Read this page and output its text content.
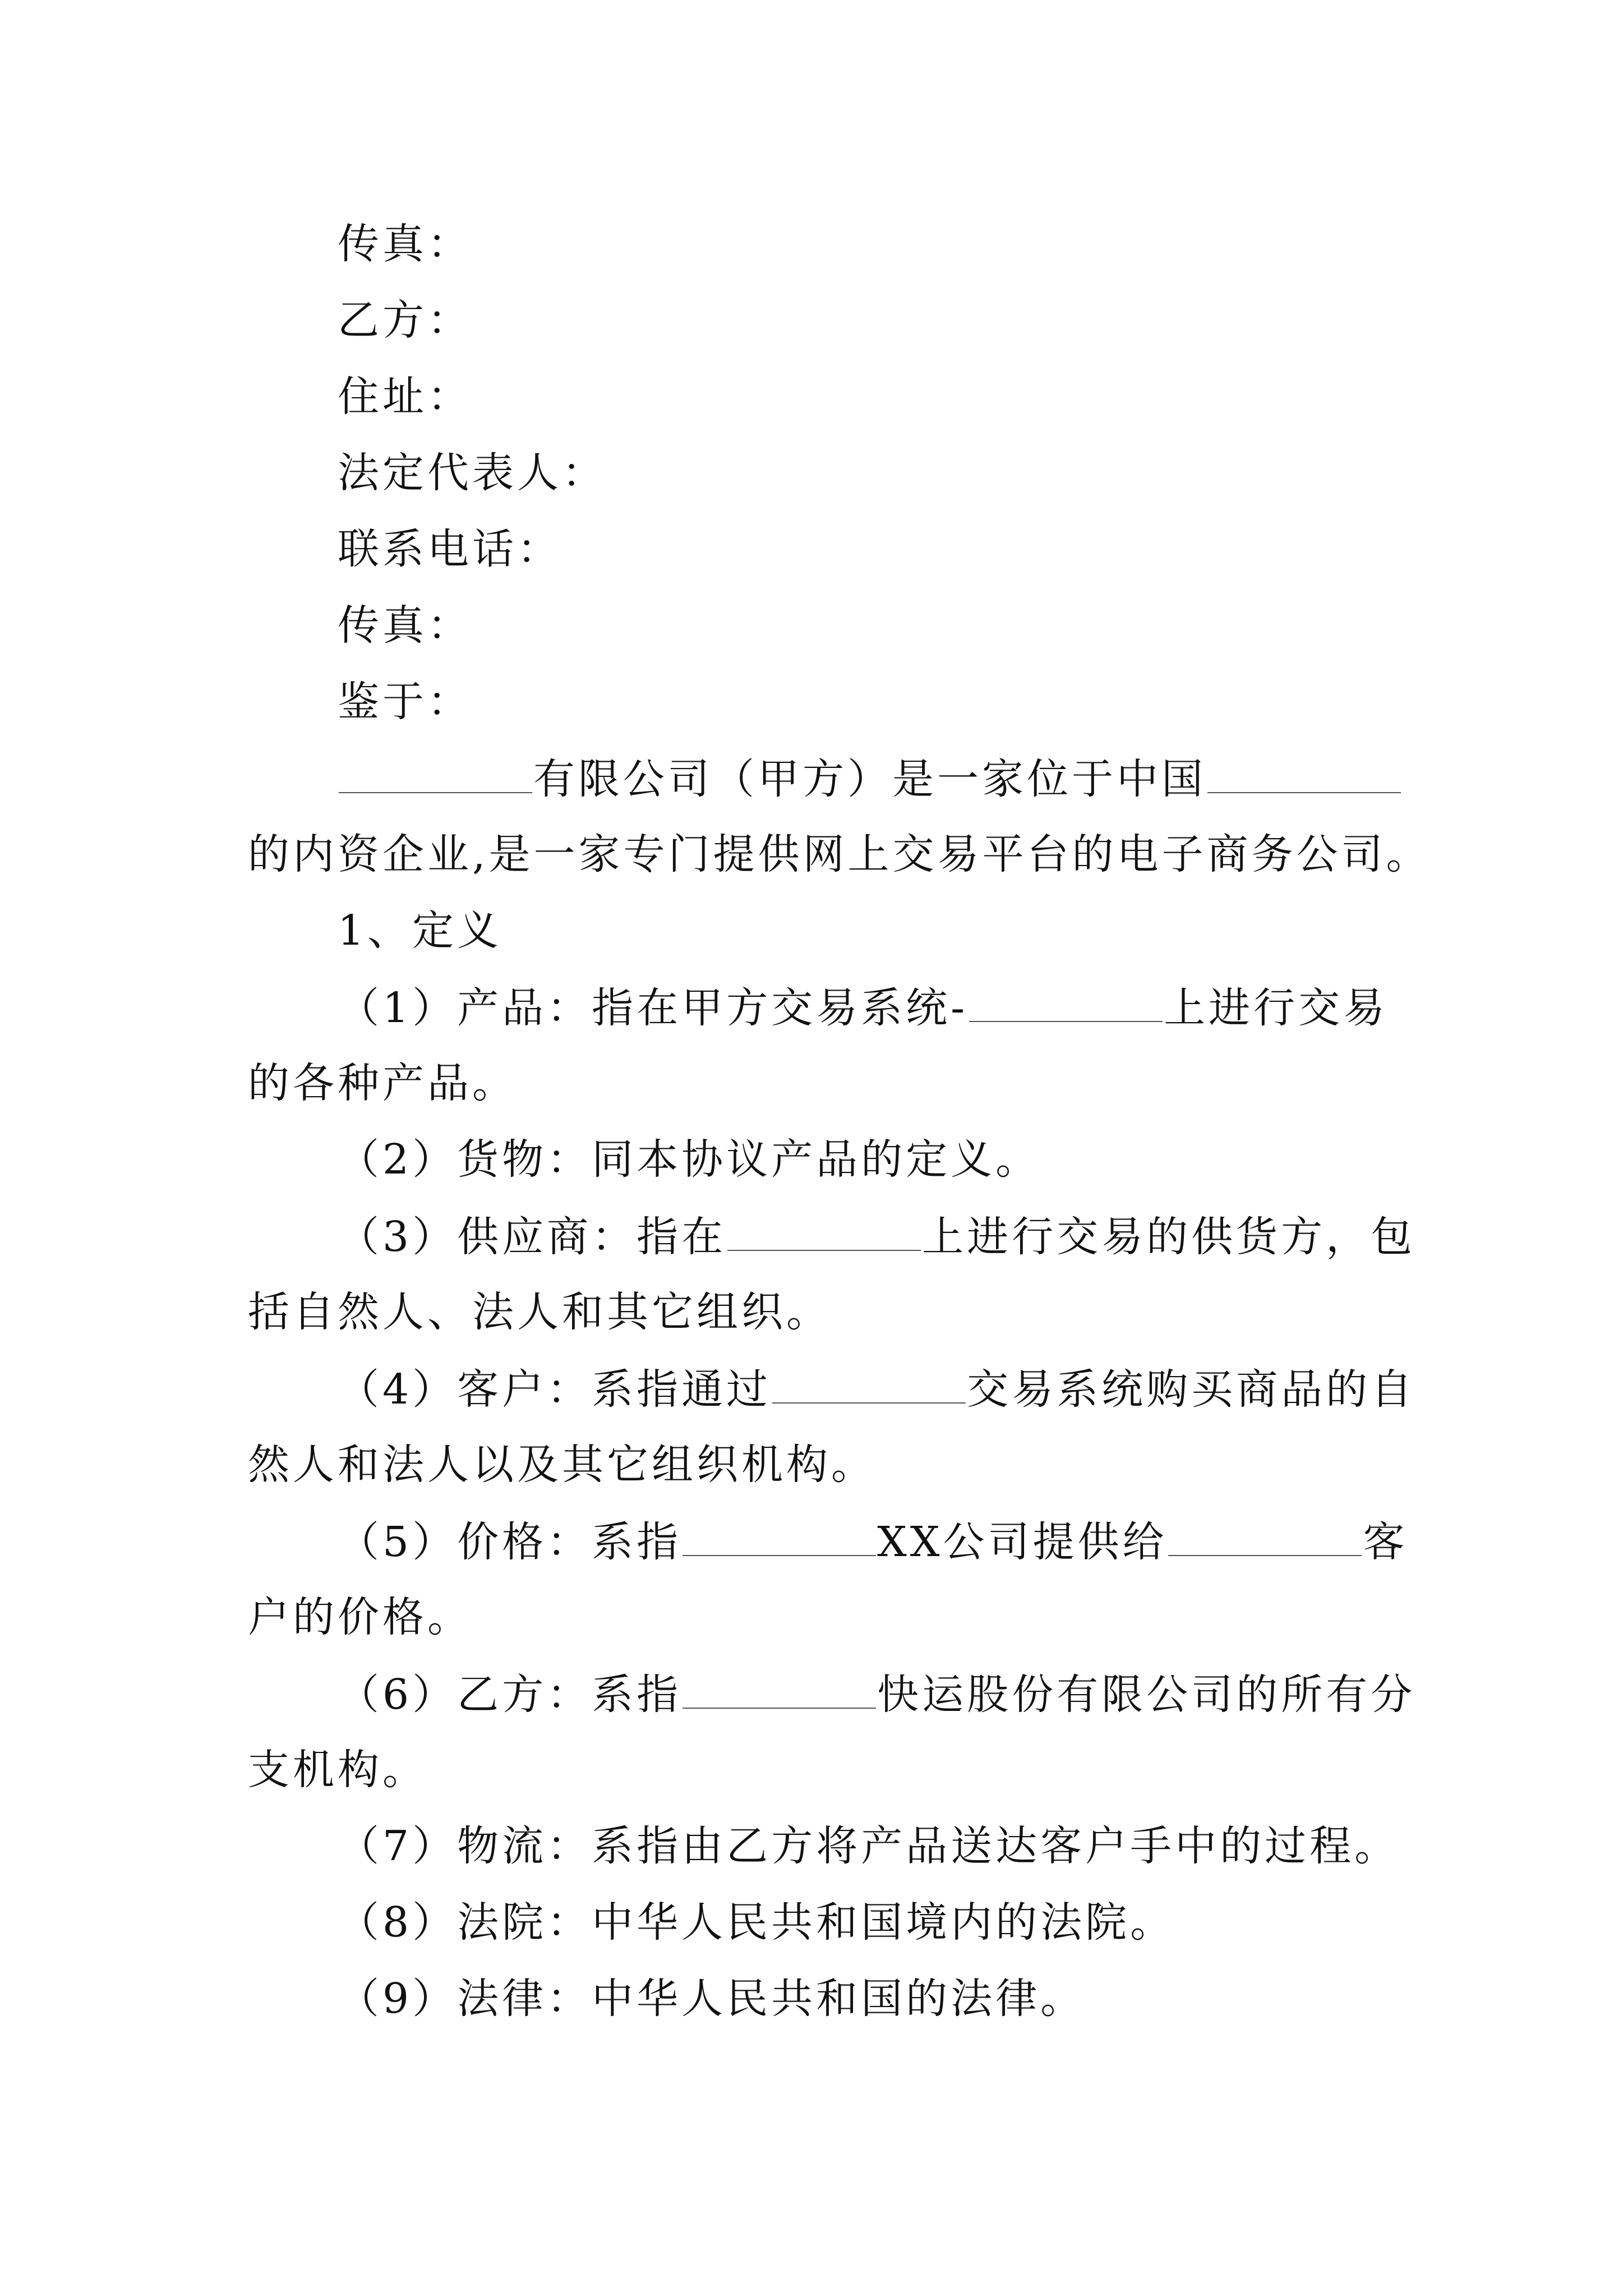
传真：
乙方：
住址：
法定代表人：
联系电话：
传真：
鉴于：
有限公司（甲方）是一家位于中国
的内资企业,是一家专门提供网上交易平台的电子商务公司。
1、定义
（1）产品：指在甲方交易系统-	上进行交易
的各种产品。
（2）货物：同本协议产品的定义。
（3）供应商：指在	上进行交易的供货方，包
括自然人、法人和其它组织。
（4）客户：系指通过	交易系统购买商品的自
然人和法人以及其它组织机构。
（5）价格：系指	XX公司提供给	客
户的价格。
（6）乙方：系指	快运股份有限公司的所有分
支机构。
（7）物流：系指由乙方将产品送达客户手中的过程。
（8）法院：中华人民共和国境内的法院。
（9）法律：中华人民共和国的法律。
